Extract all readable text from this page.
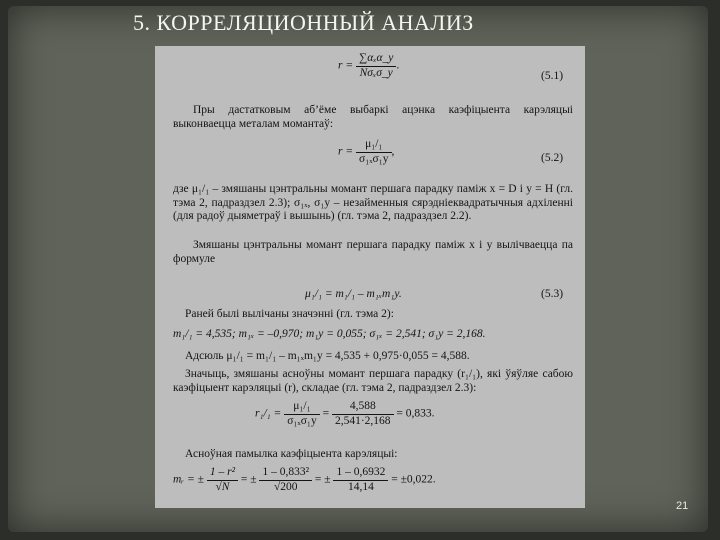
5. КОРРЕЛЯЦИОННЫЙ АНАЛИЗ
$r = \frac{\text{∑αₓα\_y}}{\text{Nσₓσ\_y}}$ .
(5.1)
Пры дастатковым аб’ёме выбаркі ацэнка каэфіцыента карэляцыі выконваецца металам момантаў:
$r = \frac{\text{μ₁/₁}}{\text{σ₁ₓσ₁y}}$ ,
(5.2)
дзе μ₁/₁ – змяшаны цэнтральны момант першага парадку паміж x = D і y = H (гл. тэма 2, падраздзел 2.3); σ₁ₓ, σ₁y – незайменныя сярэдніеквадратычныя адхіленні (для радоў дыяметраў і вышынь) (гл. тэма 2, падраздзел 2.2).
Змяшаны цэнтральны момант першага парадку паміж x і y вылічваецца па формуле
μ₁/₁ = m₁/₁ – m₁ₓm₁y.	(5.3)
Раней былі вылічаны значэнні (гл. тэма 2):
m₁/₁ = 4,535; m₁ₓ = –0,970; m₁y = 0,055; σ₁ₓ = 2,541; σ₁y = 2,168.
Адсюль μ₁/₁ = m₁/₁ – m₁ₓm₁y = 4,535 + 0,975·0,055 = 4,588.
Значыць, змяшаны асноўны момант першага парадку (r₁/₁), які ўяўляе сабою каэфіцыент карэляцыі (r), складае (гл. тэма 2, падраздзел 2.3):
$r_1/_1 = \frac{\text{μ₁/₁}}{\text{σ₁ₓσ₁y}} = \frac{4,588}{2,541\cdot 2,168} = 0,833$.
Асноўная памылка каэфіцыента карэляцыі:
mᵣ = ± $\frac{\text{1 – r²}}{√N}$ = ± $\frac{\text{1 – 0,833²}}{√200}$ = ± $\frac{1 - 0,6932}{14,14} = \pm 0,022$.
21
